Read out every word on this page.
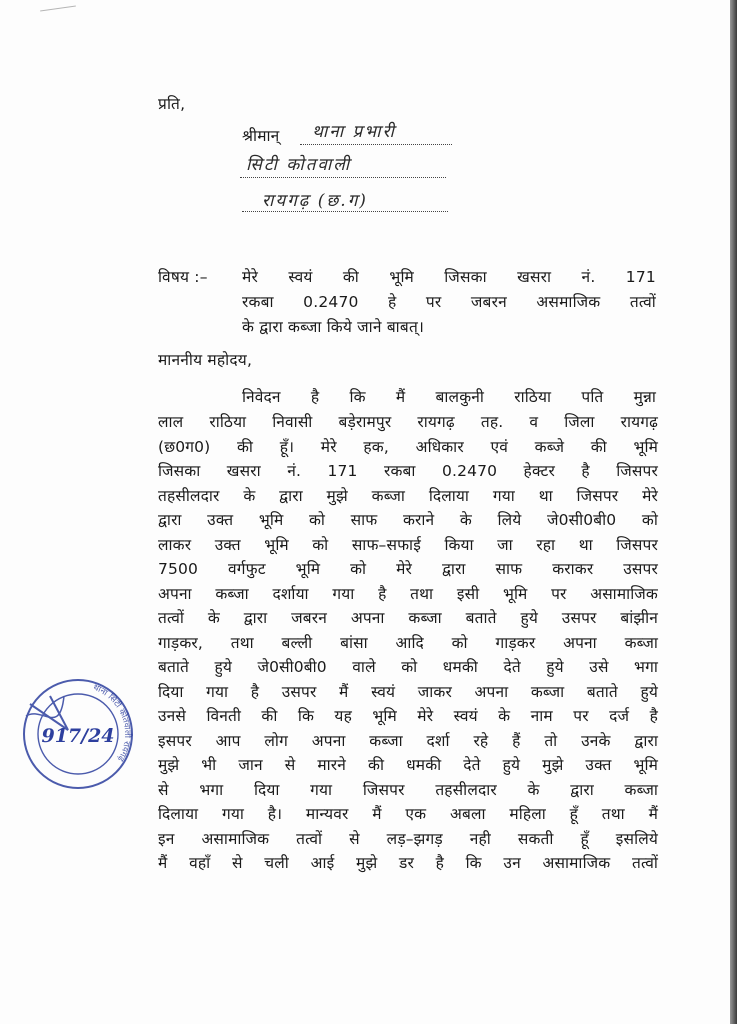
प्रति,
श्रीमान् थाना प्रभारी
सिटी कोतवाली
रायगढ़ (छ.ग)
विषय :– मेरे स्वयं की भूमि जिसका खसरा नं. 171
रकबा 0.2470 हे पर जबरन असमाजिक तत्वों
के द्वारा कब्जा किये जाने बाबत्।
माननीय महोदय,
निवेदन है कि मैं बालकुनी राठिया पति मुन्ना
लाल राठिया निवासी बड़ेरामपुर रायगढ़ तह. व जिला रायगढ़
(छ0ग0) की हूँ। मेरे हक, अधिकार एवं कब्जे की भूमि
जिसका खसरा नं. 171 रकबा 0.2470 हेक्टर है जिसपर
तहसीलदार के द्वारा मुझे कब्जा दिलाया गया था जिसपर मेरे
द्वारा उक्त भूमि को साफ कराने के लिये जे0सी0बी0 को
लाकर उक्त भूमि को साफ–सफाई किया जा रहा था जिसपर
7500 वर्गफुट भूमि को मेरे द्वारा साफ कराकर उसपर
अपना कब्जा दर्शाया गया है तथा इसी भूमि पर असामाजिक
तत्वों के द्वारा जबरन अपना कब्जा बताते हुये उसपर बांझीन
गाड़कर, तथा बल्ली बांसा आदि को गाड़कर अपना कब्जा
बताते हुये जे0सी0बी0 वाले को धमकी देते हुये उसे भगा
दिया गया है उसपर मैं स्वयं जाकर अपना कब्जा बताते हुये
उनसे विनती की कि यह भूमि मेरे स्वयं के नाम पर दर्ज है
इसपर आप लोग अपना कब्जा दर्शा रहे हैं तो उनके द्वारा
मुझे भी जान से मारने की धमकी देते हुये मुझे उक्त भूमि
से भगा दिया गया जिसपर तहसीलदार के द्वारा कब्जा
दिलाया गया है। मान्यवर मैं एक अबला महिला हूँ तथा मैं
इन असामाजिक तत्वों से लड़–झगड़ नही सकती हूँ इसलिये
मैं वहाँ से चली आई मुझे डर है कि उन असामाजिक तत्वों
917/24
थाना सिटी कोतवाली रायगढ़
